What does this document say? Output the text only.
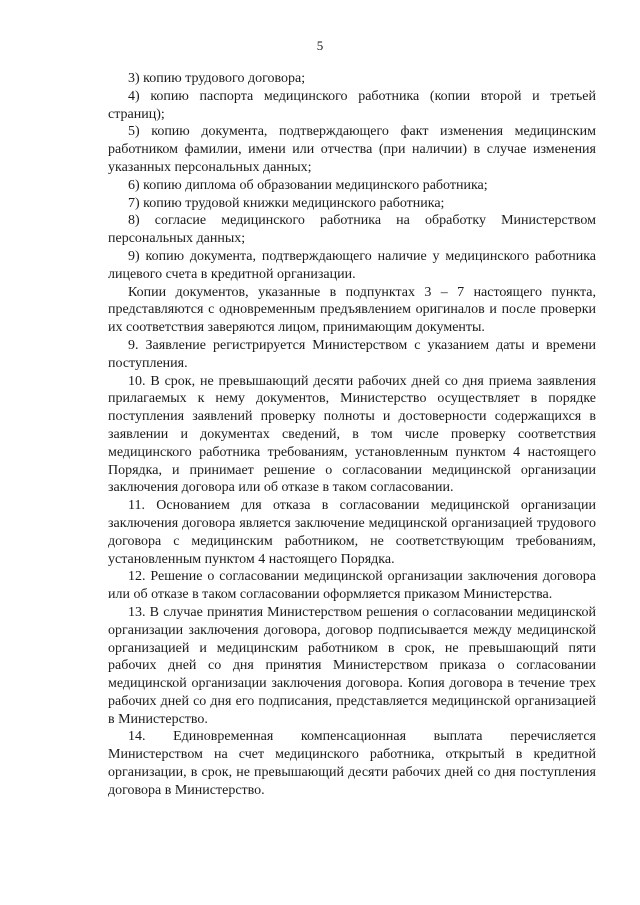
5

3) копию трудового договора;

4) копию паспорта медицинского работника (копии второй и третьей страниц);

5) копию документа, подтверждающего факт изменения медицинским работником фамилии, имени или отчества (при наличии) в случае изменения указанных персональных данных;

6) копию диплома об образовании медицинского работника;

7) копию трудовой книжки медицинского работника;

8) согласие медицинского работника на обработку Министерством персональных данных;

9) копию документа, подтверждающего наличие у медицинского работника лицевого счета в кредитной организации.

Копии документов, указанные в подпунктах 3 – 7 настоящего пункта, представляются с одновременным предъявлением оригиналов и после проверки их соответствия заверяются лицом, принимающим документы.

9. Заявление регистрируется Министерством с указанием даты и времени поступления.

10. В срок, не превышающий десяти рабочих дней со дня приема заявления прилагаемых к нему документов, Министерство осуществляет в порядке поступления заявлений проверку полноты и достоверности содержащихся в заявлении и документах сведений, в том числе проверку соответствия медицинского работника требованиям, установленным пунктом 4 настоящего Порядка, и принимает решение о согласовании медицинской организации заключения договора или об отказе в таком согласовании.

11. Основанием для отказа в согласовании медицинской организации заключения договора является заключение медицинской организацией трудового договора с медицинским работником, не соответствующим требованиям, установленным пунктом 4 настоящего Порядка.

12. Решение о согласовании медицинской организации заключения договора или об отказе в таком согласовании оформляется приказом Министерства.

13. В случае принятия Министерством решения о согласовании медицинской организации заключения договора, договор подписывается между медицинской организацией и медицинским работником в срок, не превышающий пяти рабочих дней со дня принятия Министерством приказа о согласовании медицинской организации заключения договора. Копия договора в течение трех рабочих дней со дня его подписания, представляется медицинской организацией в Министерство.

14. Единовременная компенсационная выплата перечисляется Министерством на счет медицинского работника, открытый в кредитной организации, в срок, не превышающий десяти рабочих дней со дня поступления договора в Министерство.
